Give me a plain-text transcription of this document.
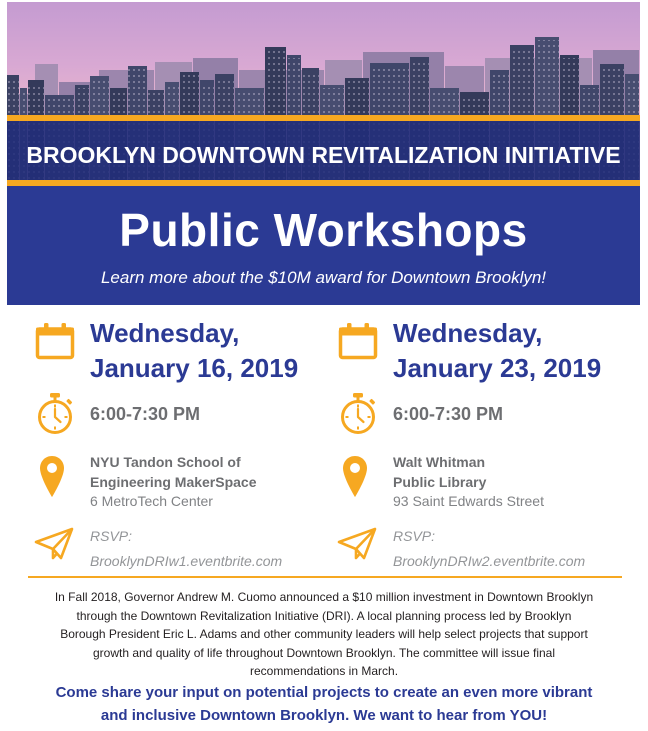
BROOKLYN DOWNTOWN REVITALIZATION INITIATIVE
Public Workshops
Learn more about the $10M award for Downtown Brooklyn!
Wednesday,
January 16, 2019
6:00-7:30 PM
NYU Tandon School of
Engineering MakerSpace
6 MetroTech Center
RSVP:
BrooklynDRIw1.eventbrite.com
Wednesday,
January 23, 2019
6:00-7:30 PM
Walt Whitman
Public Library
93 Saint Edwards Street
RSVP:
BrooklynDRIw2.eventbrite.com
In Fall 2018, Governor Andrew M. Cuomo announced a $10 million investment in Downtown Brooklyn
through the Downtown Revitalization Initiative (DRI). A local planning process led by Brooklyn
Borough President Eric L. Adams and other community leaders will help select projects that support
growth and quality of life throughout Downtown Brooklyn. The committee will issue final
recommendations in March.
Come share your input on potential projects to create an even more vibrant
and inclusive Downtown Brooklyn. We want to hear from YOU!
